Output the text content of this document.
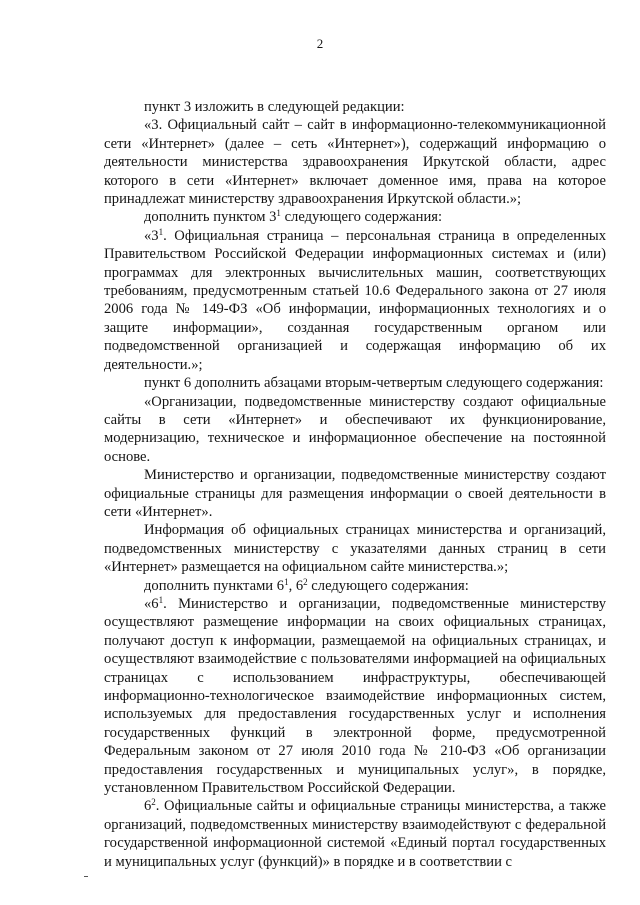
2

пункт 3 изложить в следующей редакции:

«3. Официальный сайт – сайт в информационно-телекоммуникационной сети «Интернет» (далее – сеть «Интернет»), содержащий информацию о деятельности министерства здравоохранения Иркутской области, адрес которого в сети «Интернет» включает доменное имя, права на которое принадлежат министерству здравоохранения Иркутской области.»;

дополнить пунктом $3^1$ следующего содержания:

«$3^1$. Официальная страница – персональная страница в определенных Правительством Российской Федерации информационных системах и (или) программах для электронных вычислительных машин, соответствующих требованиям, предусмотренным статьей 10.6 Федерального закона от 27 июля 2006 года № 149-ФЗ «Об информации, информационных технологиях и о защите информации», созданная государственным органом или подведомственной организацией и содержащая информацию об их деятельности.»;

пункт 6 дополнить абзацами вторым-четвертым следующего содержания:

«Организации, подведомственные министерству создают официальные сайты в сети «Интернет» и обеспечивают их функционирование, модернизацию, техническое и информационное обеспечение на постоянной основе.

Министерство и организации, подведомственные министерству создают официальные страницы для размещения информации о своей деятельности в сети «Интернет».

Информация об официальных страницах министерства и организаций, подведомственных министерству с указателями данных страниц в сети «Интернет» размещается на официальном сайте министерства.»;

дополнить пунктами $6^1$, $6^2$ следующего содержания:

«$6^1$. Министерство и организации, подведомственные министерству осуществляют размещение информации на своих официальных страницах, получают доступ к информации, размещаемой на официальных страницах, и осуществляют взаимодействие с пользователями информацией на официальных страницах с использованием инфраструктуры, обеспечивающей информационно-технологическое взаимодействие информационных систем, используемых для предоставления государственных услуг и исполнения государственных функций в электронной форме, предусмотренной Федеральным законом от 27 июля 2010 года № 210-ФЗ «Об организации предоставления государственных и муниципальных услуг», в порядке, установленном Правительством Российской Федерации.

$6^2$. Официальные сайты и официальные страницы министерства, а также организаций, подведомственных министерству взаимодействуют с федеральной государственной информационной системой «Единый портал государственных и муниципальных услуг (функций)» в порядке и в соответствии с
